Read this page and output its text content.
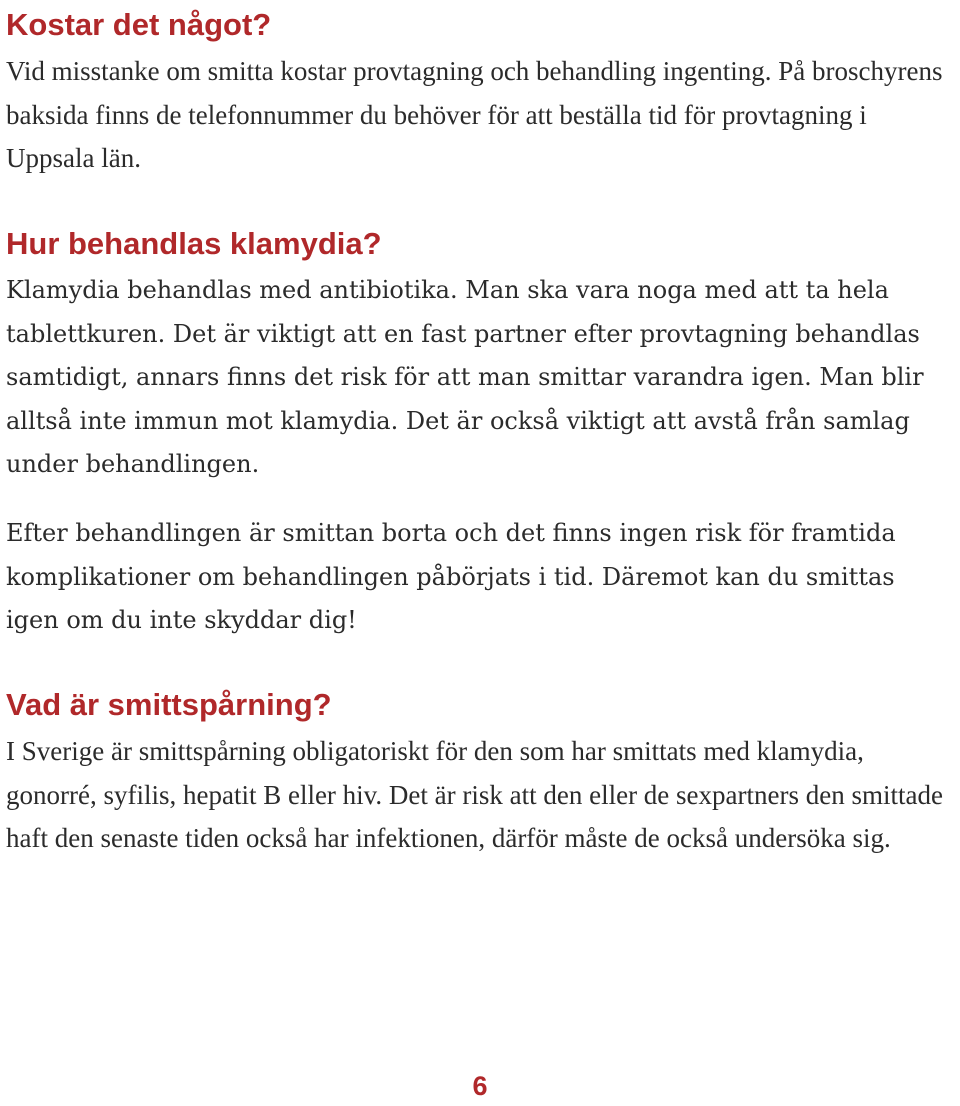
Kostar det något?

Vid misstanke om smitta kostar provtagning och behandling ingenting. På broschyrens baksida finns de telefonnummer du behöver för att beställa tid för provtagning i Uppsala län.

Hur behandlas klamydia?

Klamydia behandlas med antibiotika. Man ska vara noga med att ta hela tablettkuren. Det är viktigt att en fast partner efter provtagning behandlas samtidigt, annars finns det risk för att man smittar varandra igen. Man blir alltså inte immun mot klamydia. Det är också viktigt att avstå från samlag under behandlingen.

Efter behandlingen är smittan borta och det finns ingen risk för framtida komplikationer om behandlingen påbörjats i tid. Däremot kan du smittas igen om du inte skyddar dig!

Vad är smittspårning?

I Sverige är smittspårning obligatoriskt för den som har smittats med klamydia, gonorré, syfilis, hepatit B eller hiv. Det är risk att den eller de sexpartners den smittade haft den senaste tiden också har infektionen, därför måste de också undersöka sig.

6
